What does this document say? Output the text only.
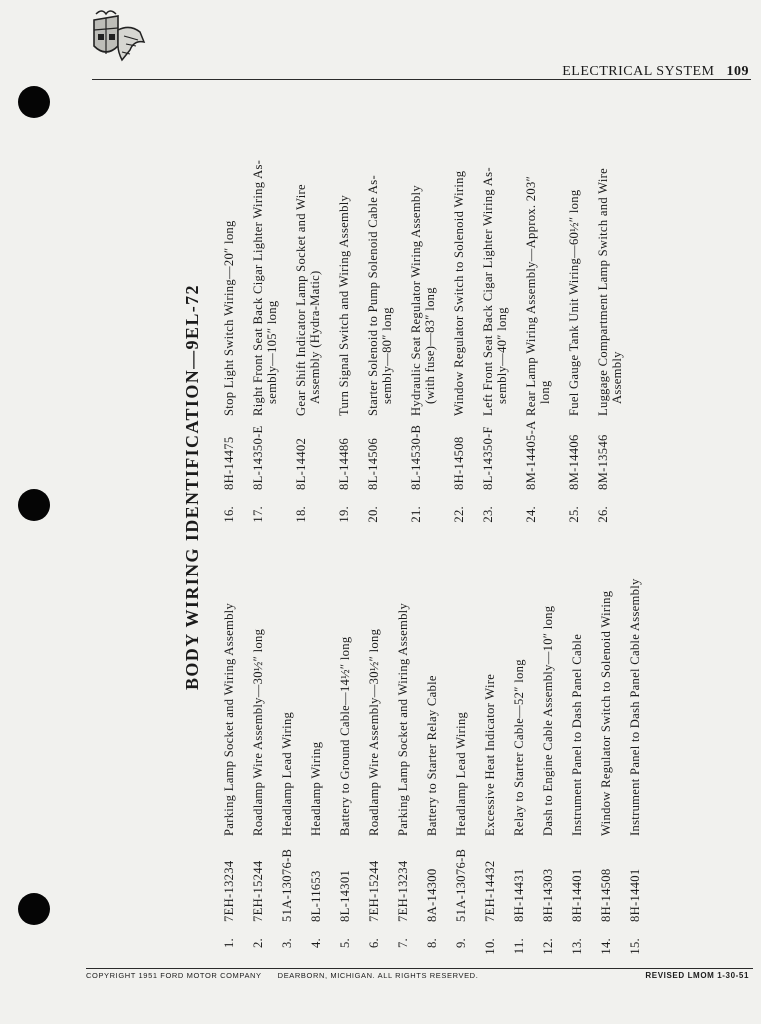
ELECTRICAL SYSTEM 109
BODY WIRING IDENTIFICATION—9EL-72
1.
7EH-13234
Parking Lamp Socket and Wiring Assembly
2.
7EH-15244
Roadlamp Wire Assembly—30½″ long
3.
51A-13076-B
Headlamp Lead Wiring
4.
8L-11653
Headlamp Wiring
5.
8L-14301
Battery to Ground Cable—14½″ long
6.
7EH-15244
Roadlamp Wire Assembly—30½″ long
7.
7EH-13234
Parking Lamp Socket and Wiring Assembly
8.
8A-14300
Battery to Starter Relay Cable
9.
51A-13076-B
Headlamp Lead Wiring
10.
7EH-14432
Excessive Heat Indicator Wire
11.
8H-14431
Relay to Starter Cable—52″ long
12.
8H-14303
Dash to Engine Cable Assembly—10″ long
13.
8H-14401
Instrument Panel to Dash Panel Cable
14.
8H-14508
Window Regulator Switch to Solenoid Wiring
15.
8H-14401
Instrument Panel to Dash Panel Cable Assembly
16.
8H-14475
Stop Light Switch Wiring—20″ long
17.
8L-14350-E
Right Front Seat Back Cigar Lighter Wiring As- sembly—105″ long
18.
8L-14402
Gear Shift Indicator Lamp Socket and Wire Assembly (Hydra-Matic)
19.
8L-14486
Turn Signal Switch and Wiring Assembly
20.
8L-14506
Starter Solenoid to Pump Solenoid Cable As- sembly—80″ long
21.
8L-14530-B
Hydraulic Seat Regulator Wiring Assembly (with fuse)—83″ long
22.
8H-14508
Window Regulator Switch to Solenoid Wiring
23.
8L-14350-F
Left Front Seat Back Cigar Lighter Wiring As- sembly—40″ long
24.
8M-14405-A
Rear Lamp Wiring Assembly—Approx. 203″ long
25.
8M-14406
Fuel Gauge Tank Unit Wiring—60½″ long
26.
8M-13546
Luggage Compartment Lamp Switch and Wire Assembly
COPYRIGHT 1951 FORD MOTOR COMPANY DEARBORN, MICHIGAN. ALL RIGHTS RESERVED.	REVISED LMOM 1-30-51
